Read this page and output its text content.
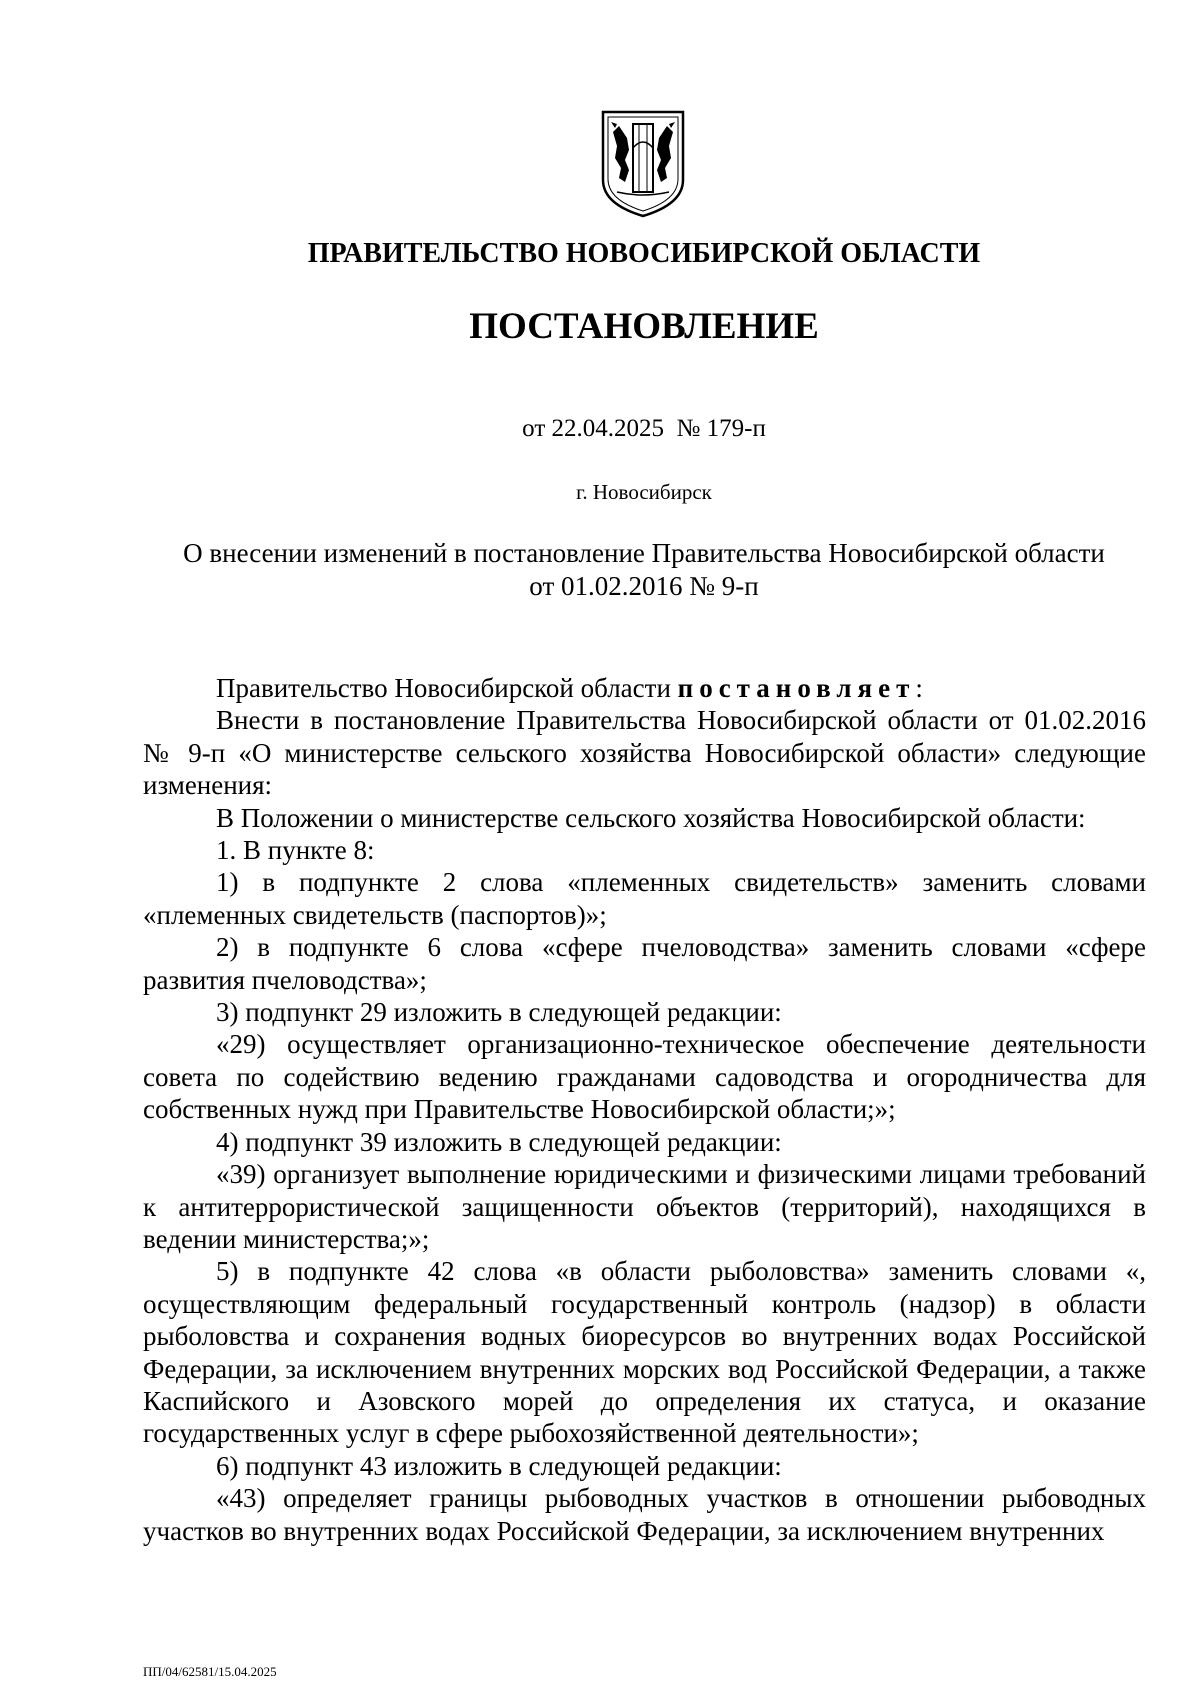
ПРАВИТЕЛЬСТВО НОВОСИБИРСКОЙ ОБЛАСТИ
ПОСТАНОВЛЕНИЕ
от 22.04.2025  № 179-п
г. Новосибирск
О внесении изменений в постановление Правительства Новосибирской области
от 01.02.2016 № 9-п

Правительство Новосибирской области постановляет:

Внести в постановление Правительства Новосибирской области от 01.02.2016 № 9-п «О министерстве сельского хозяйства Новосибирской области» следующие изменения:

В Положении о министерстве сельского хозяйства Новосибирской области:

1. В пункте 8:

1) в подпункте 2 слова «племенных свидетельств» заменить словами «племенных свидетельств (паспортов)»;

2) в подпункте 6 слова «сфере пчеловодства» заменить словами «сфере развития пчеловодства»;

3) подпункт 29 изложить в следующей редакции:

«29) осуществляет организационно-техническое обеспечение деятельности совета по содействию ведению гражданами садоводства и огородничества для собственных нужд при Правительстве Новосибирской области;»;

4) подпункт 39 изложить в следующей редакции:

«39) организует выполнение юридическими и физическими лицами требований к антитеррористической защищенности объектов (территорий), находящихся в ведении министерства;»;

5) в подпункте 42 слова «в области рыболовства» заменить словами «, осуществляющим федеральный государственный контроль (надзор) в области рыболовства и сохранения водных биоресурсов во внутренних водах Российской Федерации, за исключением внутренних морских вод Российской Федерации, а также Каспийского и Азовского морей до определения их статуса, и оказание государственных услуг в сфере рыбохозяйственной деятельности»;

6) подпункт 43 изложить в следующей редакции:

«43) определяет границы рыбоводных участков в отношении рыбоводных участков во внутренних водах Российской Федерации, за исключением внутренних

ПП/04/62581/15.04.2025
